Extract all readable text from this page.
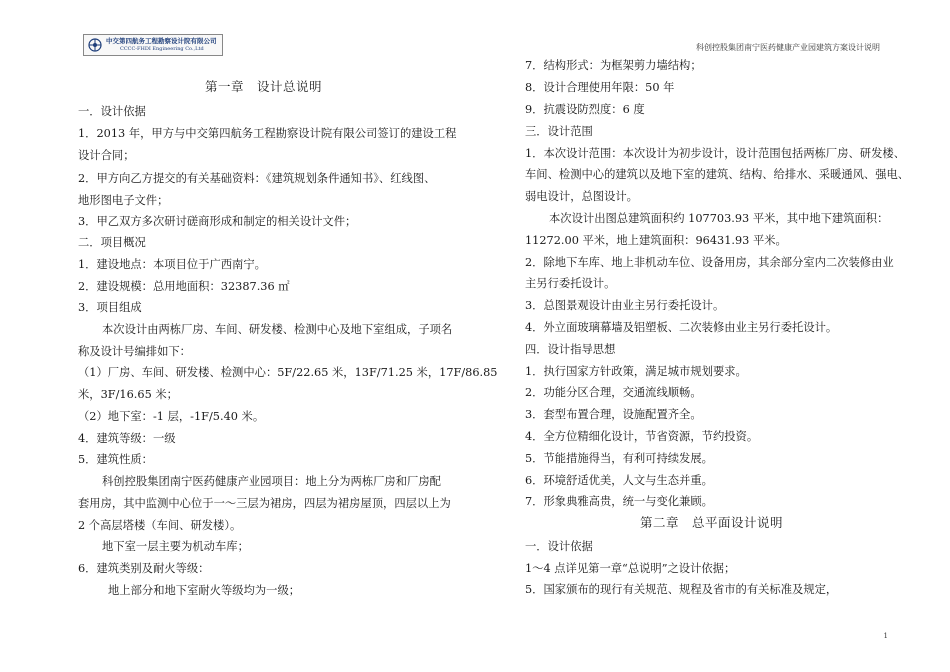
中交第四航务工程勘察设计院有限公司
CCCC-FHDI Engineering Co.,Ltd	科创控股集团南宁医药健康产业园建筑方案设计说明
第一章　设计总说明
一．设计依据
1．2013 年，甲方与中交第四航务工程勘察设计院有限公司签订的建设工程
设计合同；
2．甲方向乙方提交的有关基础资料：《建筑规划条件通知书》、红线图、
地形图电子文件；
3．甲乙双方多次研讨磋商形成和制定的相关设计文件；
二．项目概况
1．建设地点：本项目位于广西南宁。
2．建设规模：总用地面积：32387.36 ㎡
3．项目组成
本次设计由两栋厂房、车间、研发楼、检测中心及地下室组成，子项名
称及设计号编排如下：
（1）厂房、车间、研发楼、检测中心：5F/22.65 米，13F/71.25 米，17F/86.85
米，3F/16.65 米；
（2）地下室：-1 层，-1F/5.40 米。
4．建筑等级：一级
5．建筑性质：
科创控股集团南宁医药健康产业园项目：地上分为两栋厂房和厂房配
套用房，其中监测中心位于一～三层为裙房，四层为裙房屋顶，四层以上为
2 个高层塔楼（车间、研发楼）。
地下室一层主要为机动车库；
6．建筑类别及耐火等级：
地上部分和地下室耐火等级均为一级；
7．结构形式：为框架剪力墙结构；
8．设计合理使用年限：50 年
9．抗震设防烈度：6 度
三．设计范围
1．本次设计范围：本次设计为初步设计，设计范围包括两栋厂房、研发楼、
车间、检测中心的建筑以及地下室的建筑、结构、给排水、采暖通风、强电、
弱电设计，总图设计。
本次设计出图总建筑面积约 107703.93 平米，其中地下建筑面积：
11272.00 平米，地上建筑面积：96431.93 平米。
2．除地下车库、地上非机动车位、设备用房，其余部分室内二次装修由业
主另行委托设计。
3．总图景观设计由业主另行委托设计。
4．外立面玻璃幕墙及铝塑板、二次装修由业主另行委托设计。
四．设计指导思想
1．执行国家方针政策，满足城市规划要求。
2．功能分区合理，交通流线顺畅。
3．套型布置合理，设施配置齐全。
4．全方位精细化设计，节省资源，节约投资。
5．节能措施得当，有利可持续发展。
6．环境舒适优美，人文与生态并重。
7．形象典雅高贵，统一与变化兼顾。
一．设计依据
1～4 点详见第一章“总说明”之设计依据；
5．国家颁布的现行有关规范、规程及省市的有关标准及规定，
第二章　总平面设计说明
1
